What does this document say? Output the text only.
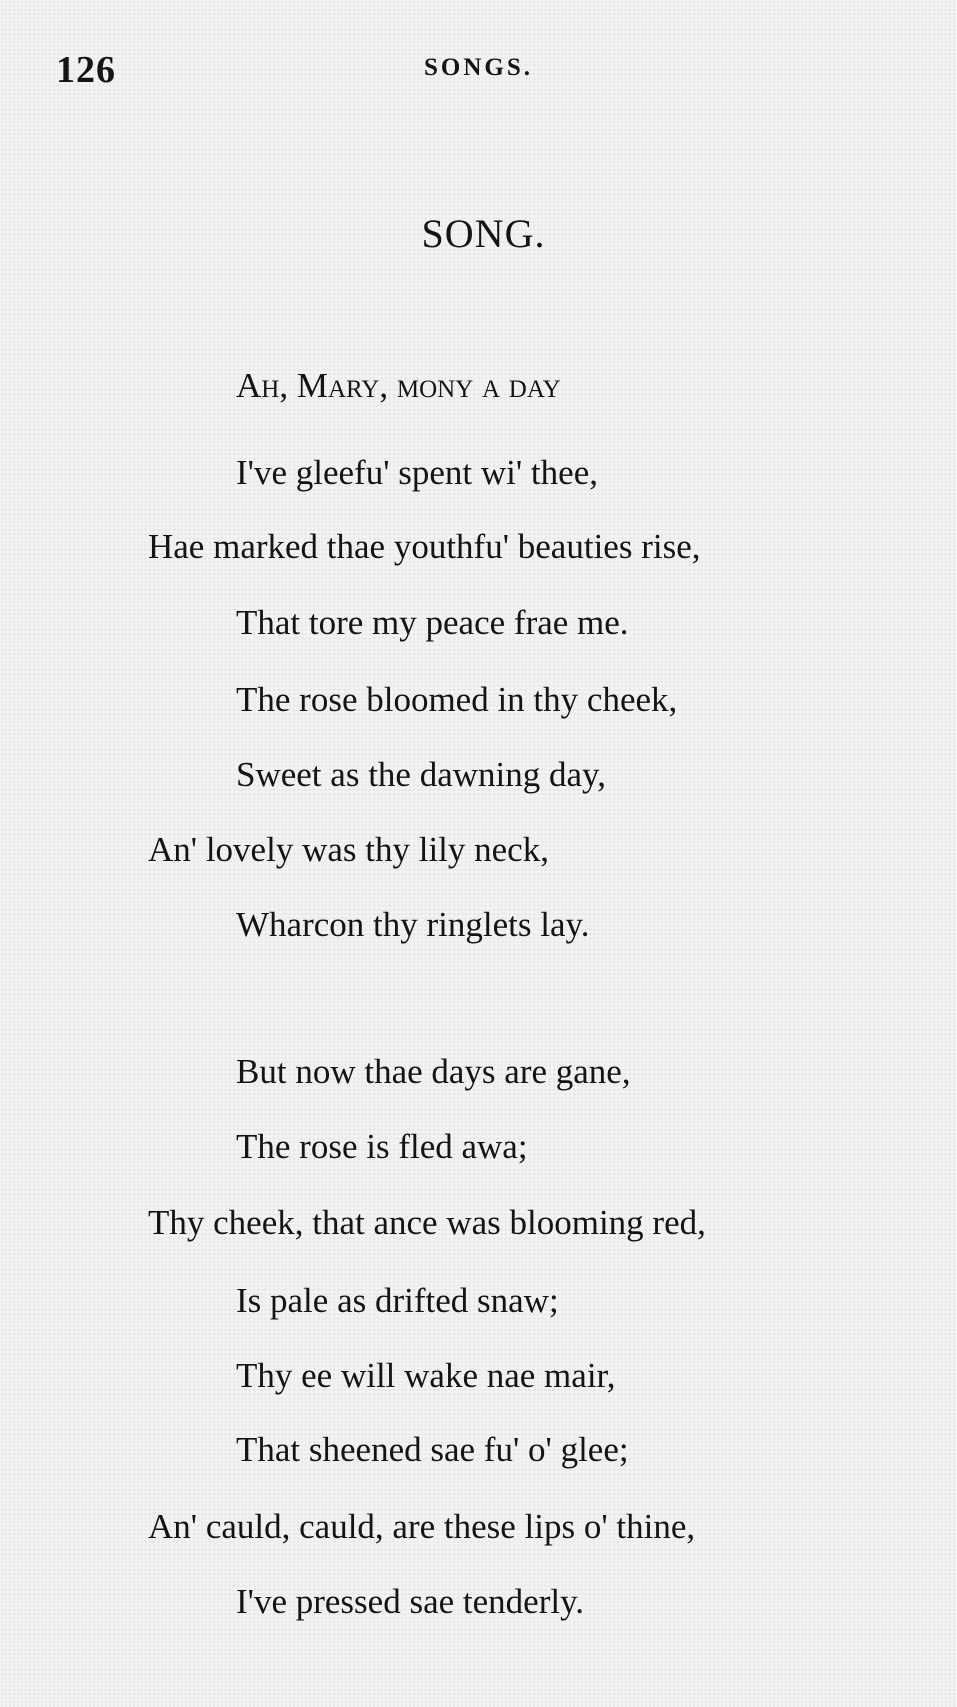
126	SONGS.
SONG.
Ah, Mary, mony a day
I've gleefu' spent wi' thee,
Hae marked thae youthfu' beauties rise,
That tore my peace frae me.
The rose bloomed in thy cheek,
Sweet as the dawning day,
An' lovely was thy lily neck,
Wharcon thy ringlets lay.
But now thae days are gane,
The rose is fled awa;
Thy cheek, that ance was blooming red,
Is pale as drifted snaw;
Thy ee will wake nae mair,
That sheened sae fu' o' glee;
An' cauld, cauld, are these lips o' thine,
I've pressed sae tenderly.
